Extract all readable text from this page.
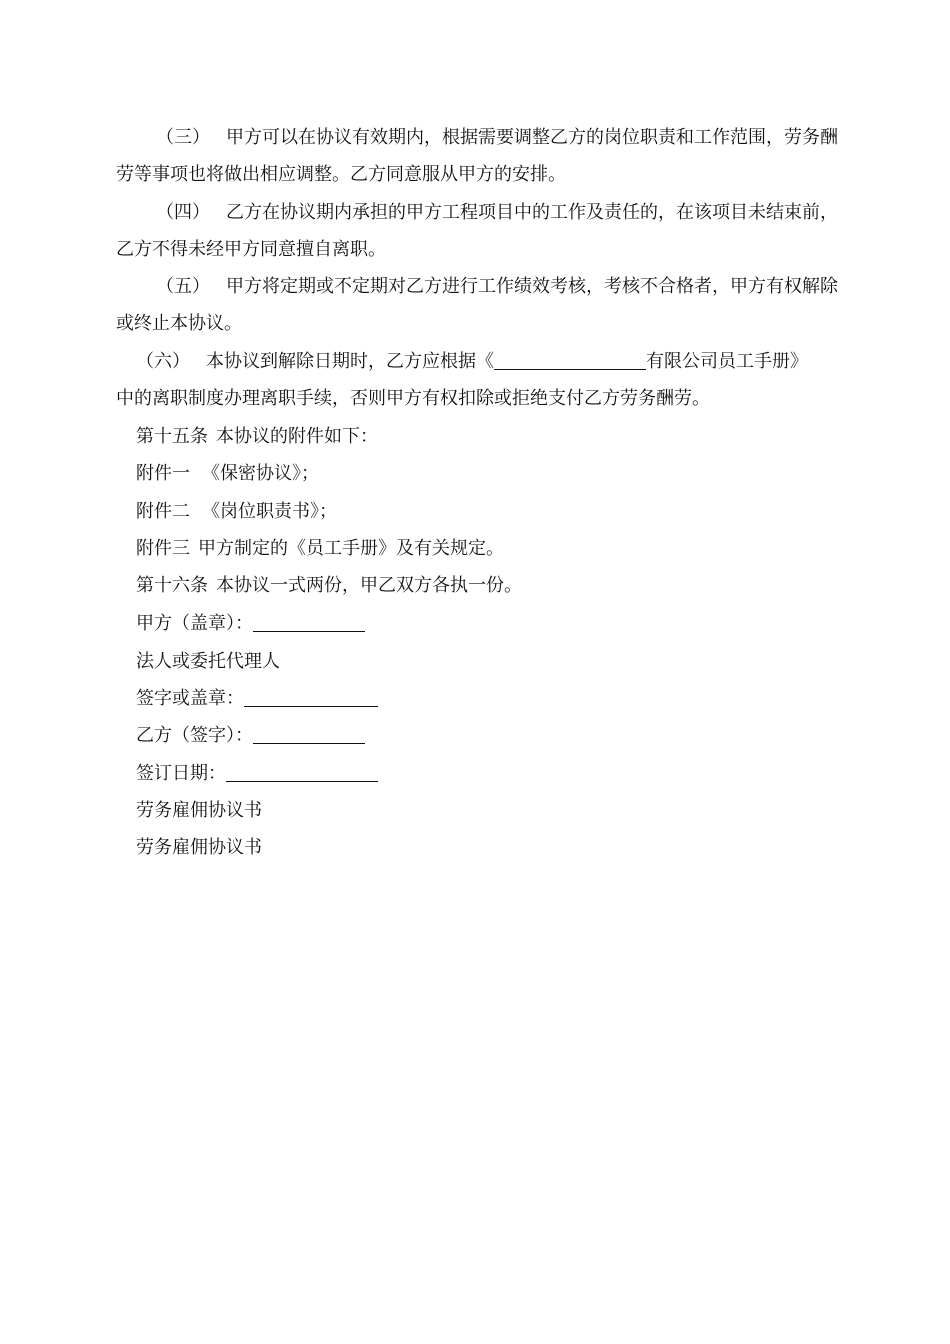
（三） 甲方可以在协议有效期内，根据需要调整乙方的岗位职责和工作范围，劳务酬劳等事项也将做出相应调整。乙方同意服从甲方的安排。

（四） 乙方在协议期内承担的甲方工程项目中的工作及责任的，在该项目未结束前，乙方不得未经甲方同意擅自离职。

（五） 甲方将定期或不定期对乙方进行工作绩效考核，考核不合格者，甲方有权解除或终止本协议。

（六） 本协议到解除日期时，乙方应根据《	有限公司员工手册》

中的离职制度办理离职手续，否则甲方有权扣除或拒绝支付乙方劳务酬劳。

第十五条 本协议的附件如下：

附件一 《保密协议》；

附件二 《岗位职责书》；

附件三 甲方制定的《员工手册》及有关规定。

第十六条 本协议一式两份，甲乙双方各执一份。

甲方（盖章）：

法人或委托代理人

签字或盖章：

乙方（签字）：

签订日期：

劳务雇佣协议书

劳务雇佣协议书
